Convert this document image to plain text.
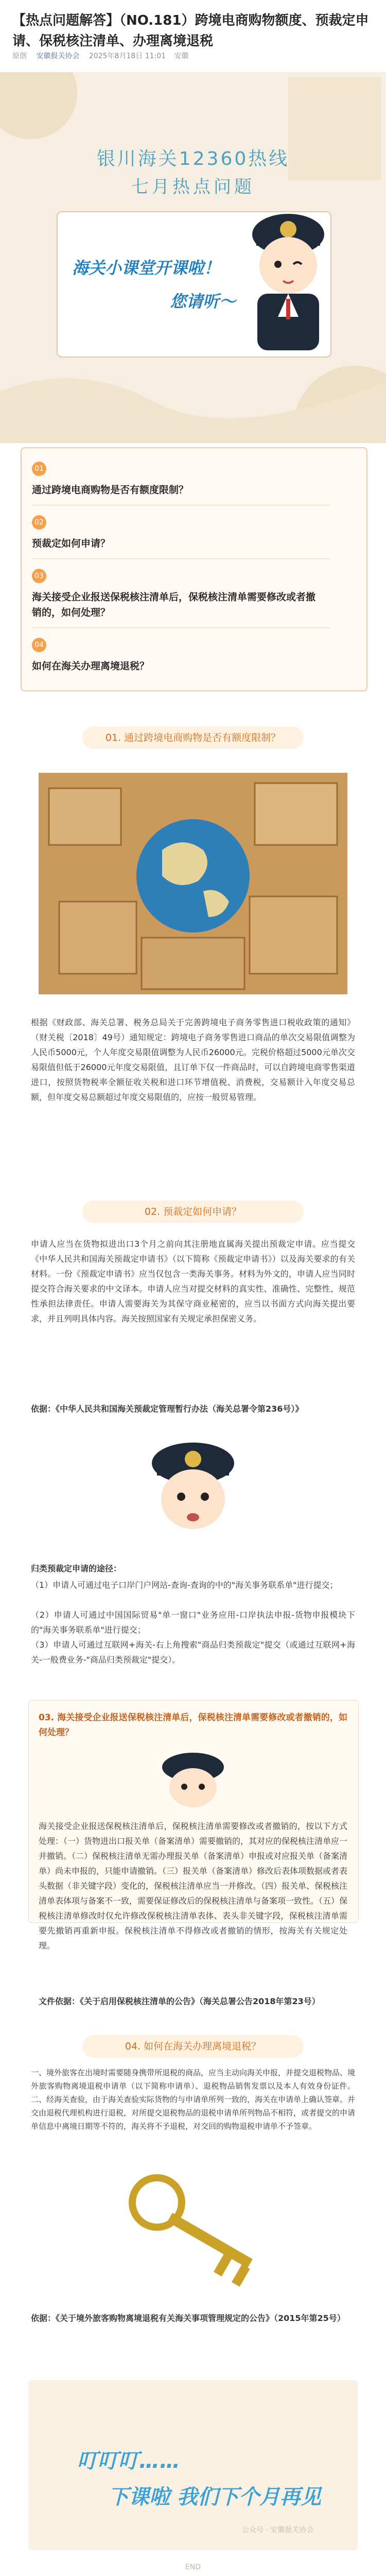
【热点问题解答】（NO.181）跨境电商购物额度、预裁定申请、保税核注清单、办理离境退税
原创 安徽报关协会 2025年8月18日 11:01 安徽
银川海关12360热线
七月热点问题
海关小课堂开课啦！
您请听～
01
通过跨境电商购物是否有额度限制？
02
预裁定如何申请？
03
海关接受企业报送保税核注清单后，保税核注清单需要修改或者撤销的，如何处理？
04
如何在海关办理离境退税？
01. 通过跨境电商购物是否有额度限制？
根据《财政部、海关总署、税务总局关于完善跨境电子商务零售进口税收政策的通知》（财关税〔2018〕49号）通知规定：跨境电子商务零售进口商品的单次交易限值调整为人民币5000元，个人年度交易限值调整为人民币26000元。完税价格超过5000元单次交易限值但低于26000元年度交易限值，且订单下仅一件商品时，可以自跨境电商零售渠道进口，按照货物税率全额征收关税和进口环节增值税、消费税，交易额计入年度交易总额，但年度交易总额超过年度交易限值的，应按一般贸易管理。
02. 预裁定如何申请？
申请人应当在货物拟进出口3个月之前向其注册地直属海关提出预裁定申请。应当提交《中华人民共和国海关预裁定申请书》（以下简称《预裁定申请书》）以及海关要求的有关材料。一份《预裁定申请书》应当仅包含一类海关事务。材料为外文的，申请人应当同时提交符合海关要求的中文译本。申请人应当对提交材料的真实性、准确性、完整性、规范性承担法律责任。申请人需要海关为其保守商业秘密的，应当以书面方式向海关提出要求，并且列明具体内容。海关按照国家有关规定承担保密义务。
依据：《中华人民共和国海关预裁定管理暂行办法（海关总署令第236号）》
归类预裁定申请的途径：
（1）申请人可通过电子口岸门户网站-查询-查询的中的"海关事务联系单"进行提交；
（2）申请人可通过中国国际贸易"单一窗口"业务应用-口岸执法申报-货物申报模块下的"海关事务联系单"进行提交；
（3）申请人可通过互联网+海关-右上角搜索"商品归类预裁定"提交（或通过互联网+海关-一般费业务-"商品归类预裁定"提交）。
03. 海关接受企业报送保税核注清单后，保税核注清单需要修改或者撤销的，如何处理？
海关接受企业报送保税核注清单后，保税核注清单需要修改或者撤销的，按以下方式处理：（一）货物进出口报关单（备案清单）需要撤销的，其对应的保税核注清单应一并撤销。（二）保税核注清单无需办理报关单（备案清单）申报或对应报关单（备案清单）尚未申报的，只能申请撤销。（三）报关单（备案清单）修改后表体项数据或者表头数据（非关键字段）变化的，保税核注清单应当一并修改。（四）报关单、保税核注清单表体项与备案不一致，需要保证修改后的保税核注清单与备案项一致性。（五）保税核注清单修改时仅允许修改保税核注清单表体、表头非关键字段，保税核注清单需要先撤销再重新申报。保税核注清单不得修改或者撤销的情形，按海关有关规定处理。
文件依据：《关于启用保税核注清单的公告》（海关总署公告2018年第23号）
04. 如何在海关办理离境退税？
一、境外旅客在出境时需要随身携带所退税的商品，应当主动向海关申报，并提交退税物品、境外旅客购物离境退税申请单（以下简称申请单）、退税物品销售发票以及本人有效身份证件。二、经海关查验，由于海关查验实际货物的与申请单所列一致的，海关在申请单上确认签章。并交由退税代理机构进行退税，对所提交退税物品的退税申请单所列物品不相符，或者提交的申请单信息中离境日期等不符的，海关将不予退税，对交回的购物退税申请单不予签章。
依据：《关于境外旅客购物离境退税有关海关事项管理规定的公告》（2015年第25号）
叮叮叮……
下课啦 我们下个月再见
公众号 · 安徽报关协会
END
